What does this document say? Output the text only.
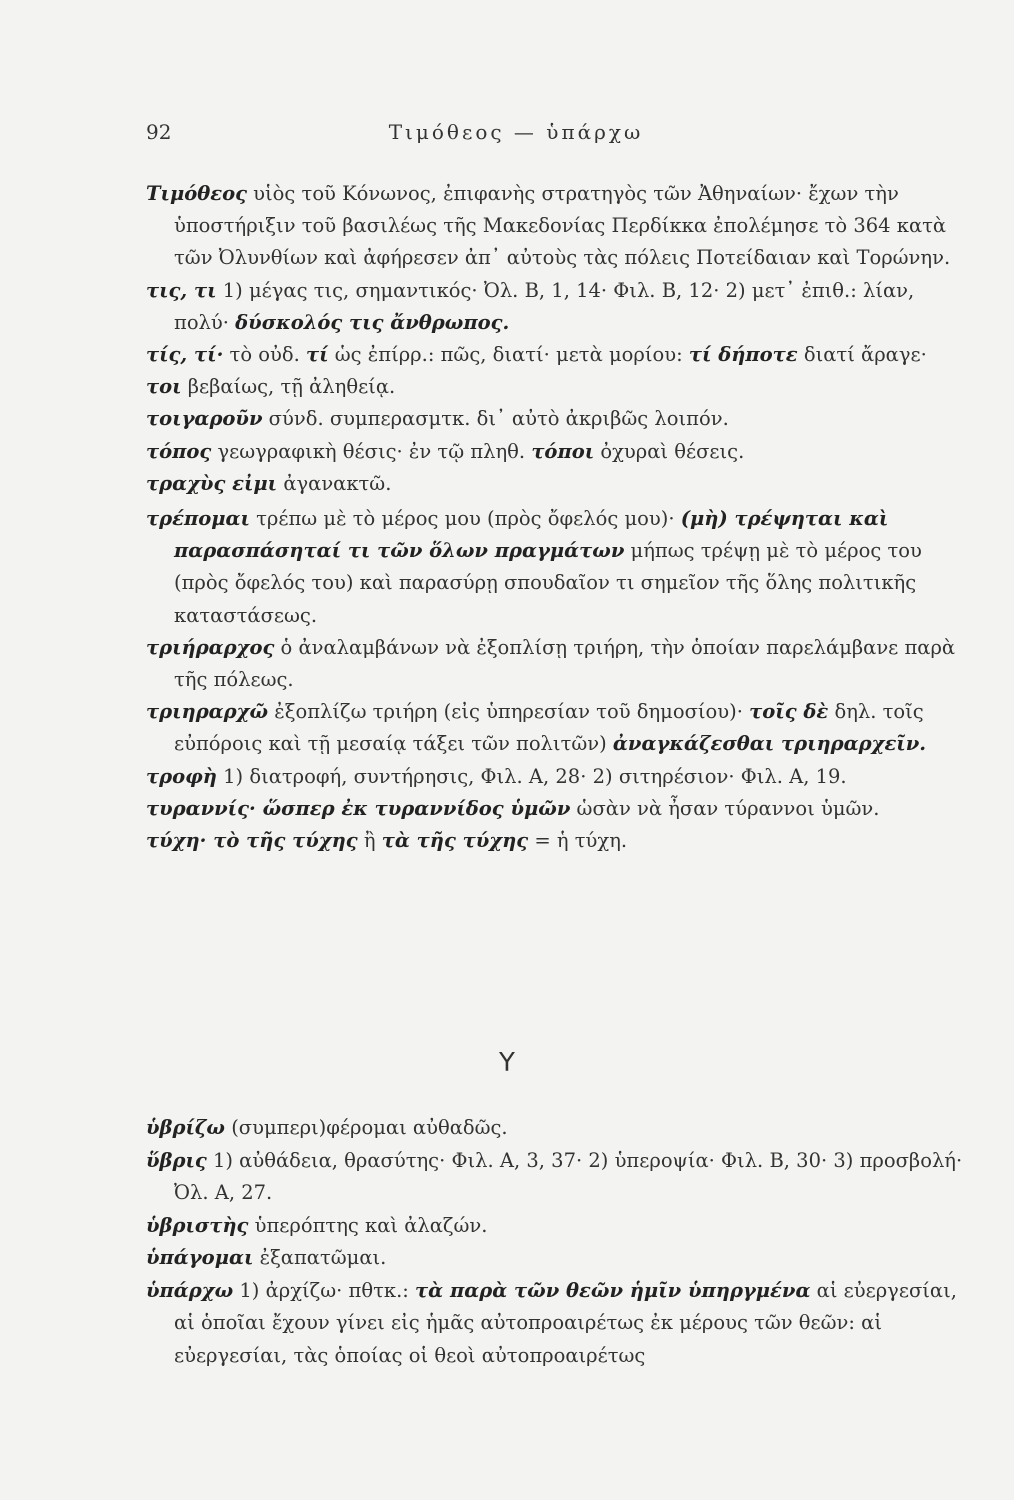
92	Τιμόθεος — ὑπάρχω

Τιμόθεος υἱὸς τοῦ Κόνωνος, ἐπιφανὴς στρατηγὸς τῶν Ἀθηναίων· ἔχων τὴν ὑποστήριξιν τοῦ βασιλέως τῆς Μακεδονίας Περδίκκα ἐπολέμησε τὸ 364 κατὰ τῶν Ὀλυνθίων καὶ ἀφήρεσεν ἀπ᾽ αὐτοὺς τὰς πόλεις Ποτείδαιαν καὶ Τορώνην.

τις, τι 1) μέγας τις, σημαντικός· Ὀλ. Β, 1, 14· Φιλ. Β, 12· 2) μετ᾽ ἐπιθ.: λίαν, πολύ· δύσκολός τις ἄνθρωπος.

τίς, τί· τὸ οὐδ. τί ὡς ἐπίρρ.: πῶς, διατί· μετὰ μορίου: τί δήποτε διατί ἄραγε·

τοι βεβαίως, τῇ ἀληθείᾳ.

τοιγαροῦν σύνδ. συμπερασμτκ. δι᾽ αὐτὸ ἀκριβῶς λοιπόν.

τόπος γεωγραφικὴ θέσις· ἐν τῷ πληθ. τόποι ὀχυραὶ θέσεις.

τραχὺς εἰμι ἀγανακτῶ.

τρέπομαι τρέπω μὲ τὸ μέρος μου (πρὸς ὄφελός μου)· (μὴ) τρέψηται καὶ παρασπάσηταί τι τῶν ὅλων πραγμάτων μήπως τρέψῃ μὲ τὸ μέρος του (πρὸς ὄφελός του) καὶ παρασύρῃ σπουδαῖον τι σημεῖον τῆς ὅλης πολιτικῆς καταστάσεως.

τριήραρχος ὁ ἀναλαμβάνων νὰ ἐξοπλίσῃ τριήρη, τὴν ὁποίαν παρελάμβανε παρὰ τῆς πόλεως.

τριηραρχῶ ἐξοπλίζω τριήρη (εἰς ὑπηρεσίαν τοῦ δημοσίου)· τοῖς δὲ δηλ. τοῖς εὐπόροις καὶ τῇ μεσαίᾳ τάξει τῶν πολιτῶν) ἀναγκάζεσθαι τριηραρχεῖν.

τροφὴ 1) διατροφή, συντήρησις, Φιλ. Α, 28· 2) σιτηρέσιον· Φιλ. Α, 19.

τυραννίς· ὥσπερ ἐκ τυραννίδος ὑμῶν ὡσὰν νὰ ἦσαν τύραννοι ὑμῶν.

τύχη· τὸ τῆς τύχης ἢ τὰ τῆς τύχης = ἡ τύχη.

Υ

ὑβρίζω (συμπερι)φέρομαι αὐθαδῶς.

ὕβρις 1) αὐθάδεια, θρασύτης· Φιλ. Α, 3, 37· 2) ὑπεροψία· Φιλ. Β, 30· 3) προσβολή· Ὀλ. Α, 27.

ὑβριστὴς ὑπερόπτης καὶ ἀλαζών.

ὑπάγομαι ἐξαπατῶμαι.

ὑπάρχω 1) ἀρχίζω· πθτκ.: τὰ παρὰ τῶν θεῶν ἡμῖν ὑπηργμένα αἱ εὐεργεσίαι, αἱ ὁποῖαι ἔχουν γίνει εἰς ἡμᾶς αὐτοπροαιρέτως ἐκ μέρους τῶν θεῶν: αἱ εὐεργεσίαι, τὰς ὁποίας οἱ θεοὶ αὐτοπροαιρέτως
